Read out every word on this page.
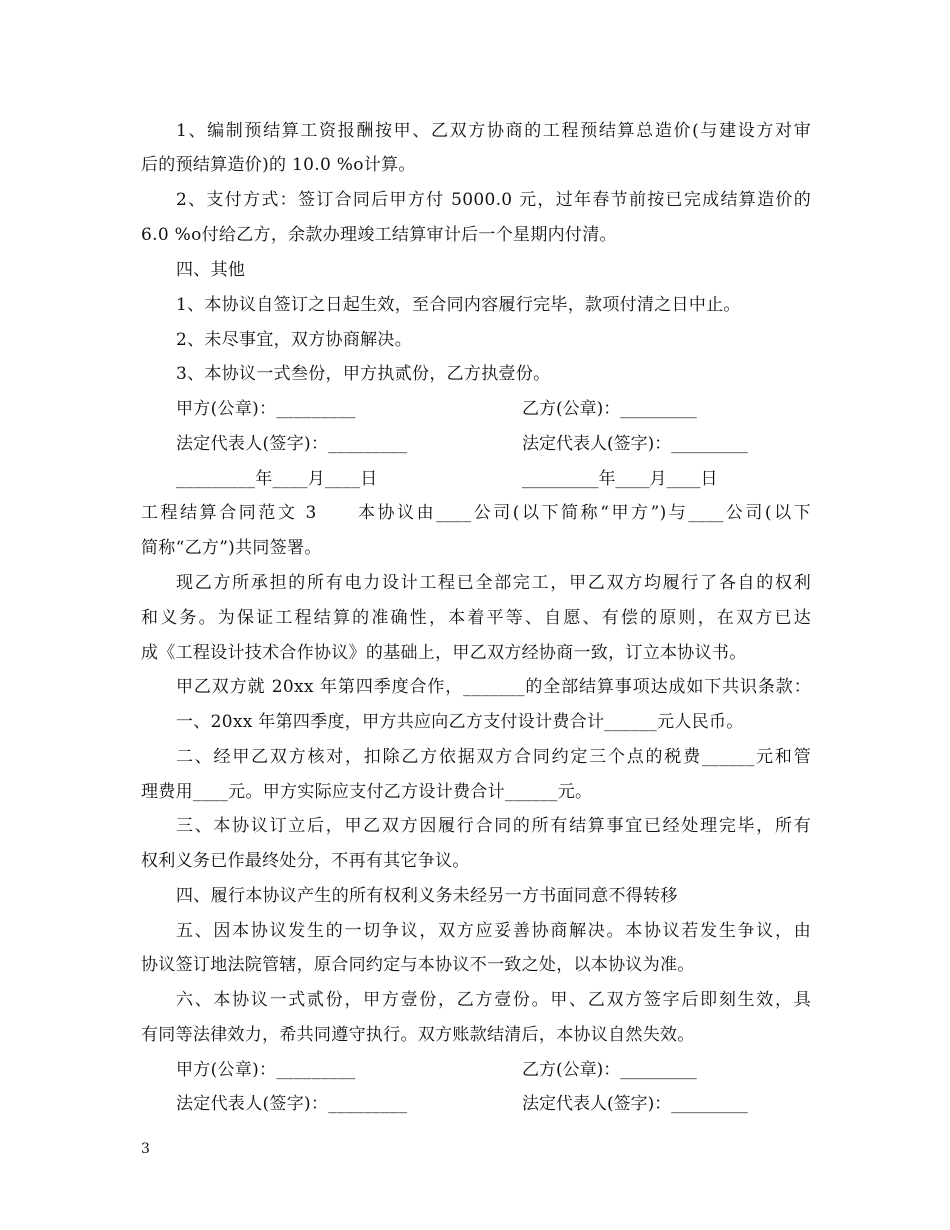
1、编制预结算工资报酬按甲、乙双方协商的工程预结算总造价(与建设方对审
后的预结算造价)的 10.0 %o计算。
2、支付方式：签订合同后甲方付 5000.0 元，过年春节前按已完成结算造价的
6.0 %o付给乙方，余款办理竣工结算审计后一个星期内付清。
四、其他
1、本协议自签订之日起生效，至合同内容履行完毕，款项付清之日中止。
2、未尽事宜，双方协商解决。
3、本协议一式叁份，甲方执贰份，乙方执壹份。
甲方(公章)：_________	乙方(公章)：_________
法定代表人(签字)：_________	法定代表人(签字)：_________
_________年____月____日	_________年____月____日
工程结算合同范文 3　　本协议由____公司(以下简称“甲方”)与____公司(以下
简称“乙方”)共同签署。
现乙方所承担的所有电力设计工程已全部完工，甲乙双方均履行了各自的权利
和义务。为保证工程结算的准确性，本着平等、自愿、有偿的原则，在双方已达
成《工程设计技术合作协议》的基础上，甲乙双方经协商一致，订立本协议书。
甲乙双方就 20xx 年第四季度合作，_______的全部结算事项达成如下共识条款：
一、20xx 年第四季度，甲方共应向乙方支付设计费合计______元人民币。
二、经甲乙双方核对，扣除乙方依据双方合同约定三个点的税费______元和管
理费用____元。甲方实际应支付乙方设计费合计______元。
三、本协议订立后，甲乙双方因履行合同的所有结算事宜已经处理完毕，所有
权利义务已作最终处分，不再有其它争议。
四、履行本协议产生的所有权利义务未经另一方书面同意不得转移
五、因本协议发生的一切争议，双方应妥善协商解决。本协议若发生争议，由
协议签订地法院管辖，原合同约定与本协议不一致之处，以本协议为准。
六、本协议一式贰份，甲方壹份，乙方壹份。甲、乙双方签字后即刻生效，具
有同等法律效力，希共同遵守执行。双方账款结清后，本协议自然失效。
甲方(公章)：_________	乙方(公章)：_________
法定代表人(签字)：_________	法定代表人(签字)：_________
3
